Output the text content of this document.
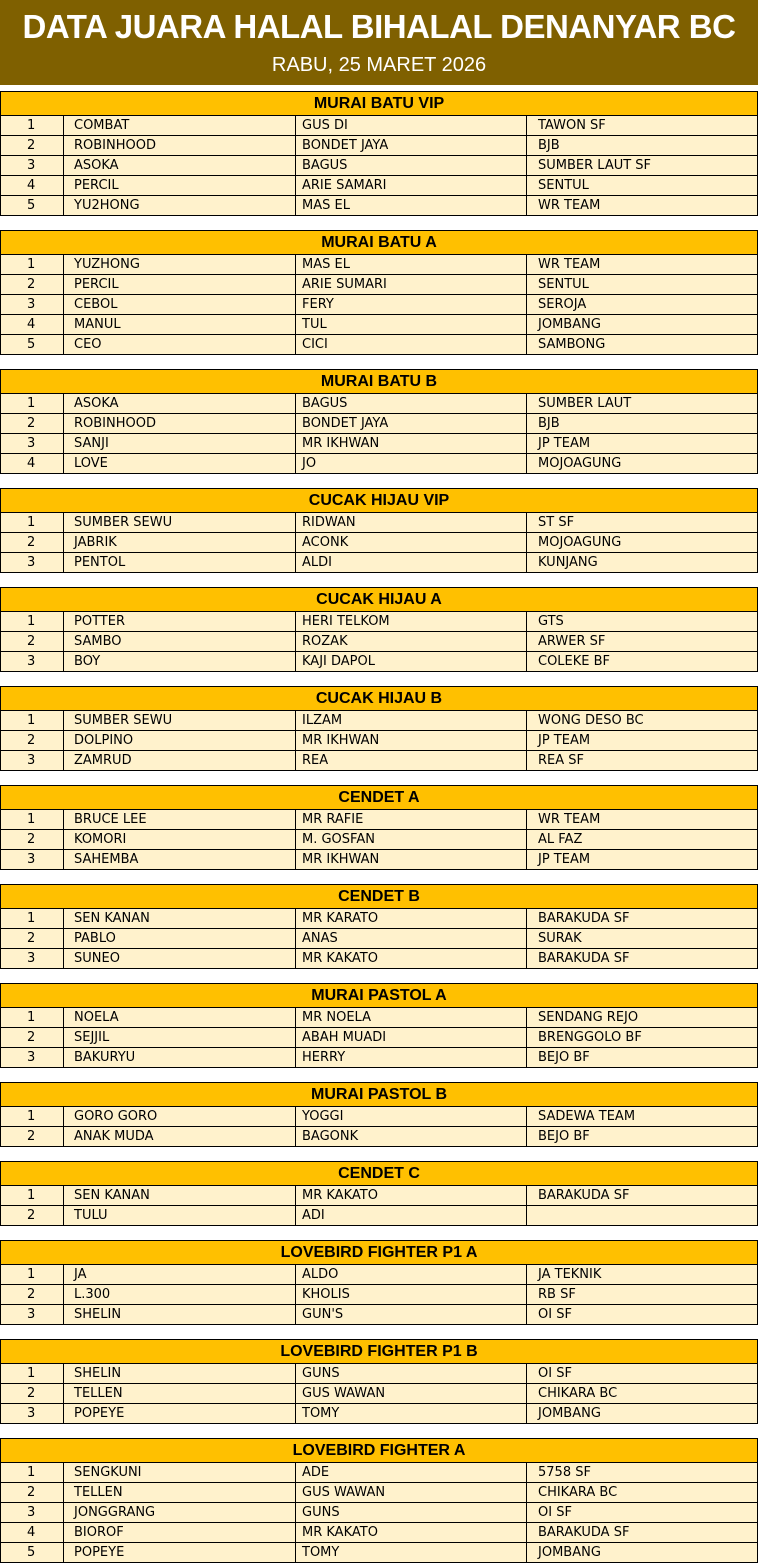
DATA JUARA HALAL BIHALAL DENANYAR BC
RABU, 25 MARET 2026
MURAI BATU VIP
1	COMBAT	GUS DI	TAWON SF
2	ROBINHOOD	BONDET JAYA	BJB
3	ASOKA	BAGUS	SUMBER LAUT SF
4	PERCIL	ARIE SAMARI	SENTUL
5	YU2HONG	MAS EL	WR TEAM
MURAI BATU A
1	YUZHONG	MAS EL	WR TEAM
2	PERCIL	ARIE SUMARI	SENTUL
3	CEBOL	FERY	SEROJA
4	MANUL	TUL	JOMBANG
5	CEO	CICI	SAMBONG
MURAI BATU B
1	ASOKA	BAGUS	SUMBER LAUT
2	ROBINHOOD	BONDET JAYA	BJB
3	SANJI	MR IKHWAN	JP TEAM
4	LOVE	JO	MOJOAGUNG
CUCAK HIJAU VIP
1	SUMBER SEWU	RIDWAN	ST SF
2	JABRIK	ACONK	MOJOAGUNG
3	PENTOL	ALDI	KUNJANG
CUCAK HIJAU A
1	POTTER	HERI TELKOM	GTS
2	SAMBO	ROZAK	ARWER SF
3	BOY	KAJI DAPOL	COLEKE BF
CUCAK HIJAU B
1	SUMBER SEWU	ILZAM	WONG DESO BC
2	DOLPINO	MR IKHWAN	JP TEAM
3	ZAMRUD	REA	REA SF
CENDET A
1	BRUCE LEE	MR RAFIE	WR TEAM
2	KOMORI	M. GOSFAN	AL FAZ
3	SAHEMBA	MR IKHWAN	JP TEAM
CENDET B
1	SEN KANAN	MR KARATO	BARAKUDA SF
2	PABLO	ANAS	SURAK
3	SUNEO	MR KAKATO	BARAKUDA SF
MURAI PASTOL A
1	NOELA	MR NOELA	SENDANG REJO
2	SEJJIL	ABAH MUADI	BRENGGOLO BF
3	BAKURYU	HERRY	BEJO BF
MURAI PASTOL B
1	GORO GORO	YOGGI	SADEWA TEAM
2	ANAK MUDA	BAGONK	BEJO BF
CENDET C
1	SEN KANAN	MR KAKATO	BARAKUDA SF
2	TULU	ADI
LOVEBIRD FIGHTER P1 A
1	JA	ALDO	JA TEKNIK
2	L.300	KHOLIS	RB SF
3	SHELIN	GUN'S	OI SF
LOVEBIRD FIGHTER P1 B
1	SHELIN	GUNS	OI SF
2	TELLEN	GUS WAWAN	CHIKARA BC
3	POPEYE	TOMY	JOMBANG
LOVEBIRD FIGHTER A
1	SENGKUNI	ADE	5758 SF
2	TELLEN	GUS WAWAN	CHIKARA BC
3	JONGGRANG	GUNS	OI SF
4	BIOROF	MR KAKATO	BARAKUDA SF
5	POPEYE	TOMY	JOMBANG
